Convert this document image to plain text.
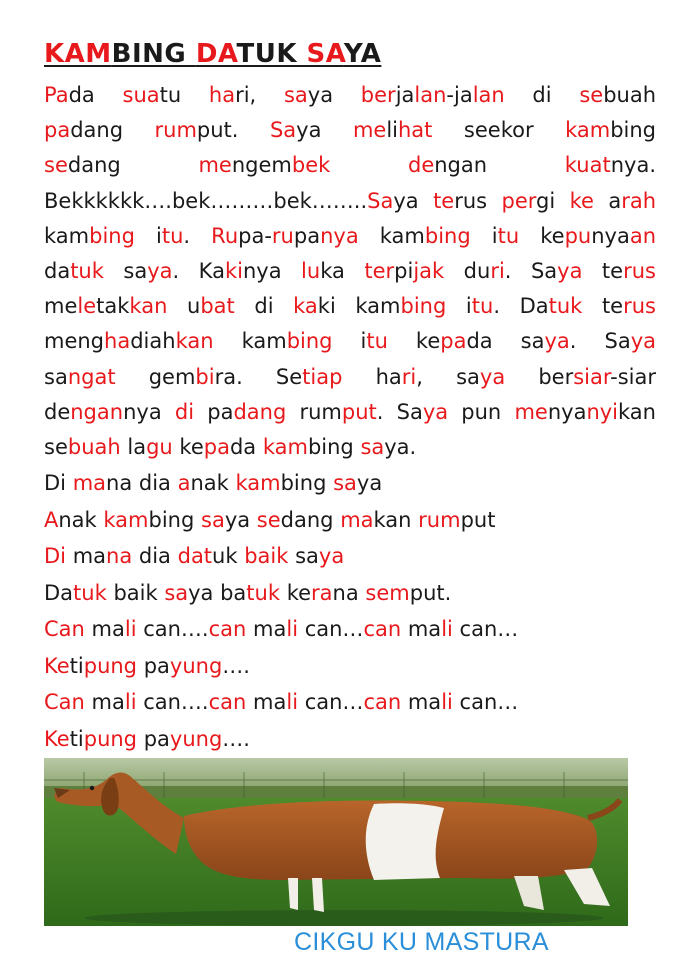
KAMBING DATUK SAYA
Pada suatu hari, saya berjalan-jalan di sebuah
padang rumput. Saya melihat seekor kambing
sedang mengembek dengan kuatnya.
Bekkkkkk….bek………bek……..Saya terus pergi ke arah
kambing itu. Rupa-rupanya kambing itu kepunyaan
datuk saya. Kakinya luka terpijak duri. Saya terus
meletakkan ubat di kaki kambing itu. Datuk terus
menghadiahkan kambing itu kepada saya. Saya
sangat gembira. Setiap hari, saya bersiar-siar
dengannya di padang rumput. Saya pun menyanyikan
sebuah lagu kepada kambing saya.
Di mana dia anak kambing saya
Anak kambing saya sedang makan rumput
Di mana dia datuk baik saya
Datuk baik saya batuk kerana semput.
Can mali can….can mali can…can mali can…
Ketipung payung….
Can mali can….can mali can…can mali can…
Ketipung payung….
CIKGU KU MASTURA
